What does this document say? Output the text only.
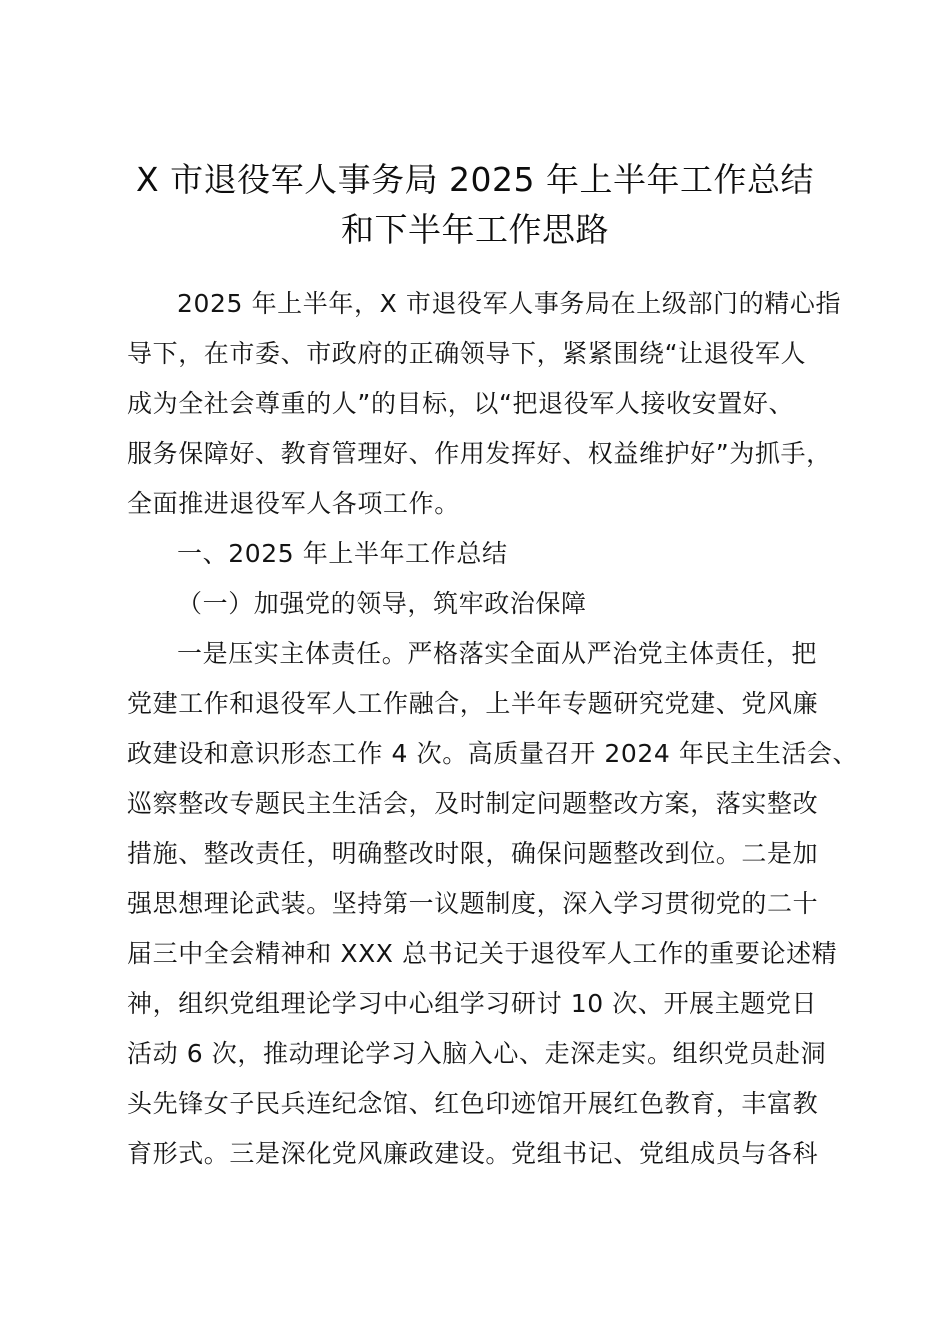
X 市退役军人事务局 2025 年上半年工作总结
和下半年工作思路
2025 年上半年，X 市退役军人事务局在上级部门的精心指
导下，在市委、市政府的正确领导下，紧紧围绕“让退役军人
成为全社会尊重的人”的目标，以“把退役军人接收安置好、
服务保障好、教育管理好、作用发挥好、权益维护好”为抓手，
全面推进退役军人各项工作。
一、2025 年上半年工作总结
（一）加强党的领导，筑牢政治保障
一是压实主体责任。严格落实全面从严治党主体责任，把
党建工作和退役军人工作融合，上半年专题研究党建、党风廉
政建设和意识形态工作 4 次。高质量召开 2024 年民主生活会、
巡察整改专题民主生活会，及时制定问题整改方案，落实整改
措施、整改责任，明确整改时限，确保问题整改到位。二是加
强思想理论武装。坚持第一议题制度，深入学习贯彻党的二十
届三中全会精神和 XXX 总书记关于退役军人工作的重要论述精
神，组织党组理论学习中心组学习研讨 10 次、开展主题党日
活动 6 次，推动理论学习入脑入心、走深走实。组织党员赴洞
头先锋女子民兵连纪念馆、红色印迹馆开展红色教育，丰富教
育形式。三是深化党风廉政建设。党组书记、党组成员与各科
